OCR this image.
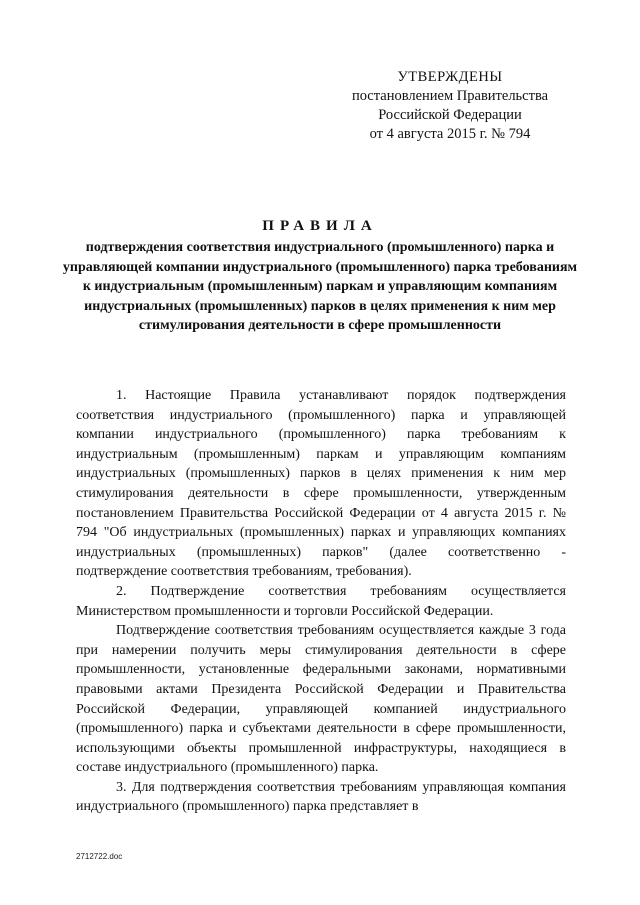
УТВЕРЖДЕНЫ
постановлением Правительства
Российской Федерации
от 4 августа 2015 г. № 794
ПРАВИЛА
подтверждения соответствия индустриального (промышленного) парка и управляющей компании индустриального (промышленного) парка требованиям к индустриальным (промышленным) паркам и управляющим компаниям индустриальных (промышленных) парков в целях применения к ним мер стимулирования деятельности в сфере промышленности

1. Настоящие Правила устанавливают порядок подтверждения соответствия индустриального (промышленного) парка и управляющей компании индустриального (промышленного) парка требованиям к индустриальным (промышленным) паркам и управляющим компаниям индустриальных (промышленных) парков в целях применения к ним мер стимулирования деятельности в сфере промышленности, утвержденным постановлением Правительства Российской Федерации от 4 августа 2015 г. № 794 "Об индустриальных (промышленных) парках и управляющих компаниях индустриальных (промышленных) парков" (далее соответственно - подтверждение соответствия требованиям, требования).

2. Подтверждение соответствия требованиям осуществляется Министерством промышленности и торговли Российской Федерации.

Подтверждение соответствия требованиям осуществляется каждые 3 года при намерении получить меры стимулирования деятельности в сфере промышленности, установленные федеральными законами, нормативными правовыми актами Президента Российской Федерации и Правительства Российской Федерации, управляющей компанией индустриального (промышленного) парка и субъектами деятельности в сфере промышленности, использующими объекты промышленной инфраструктуры, находящиеся в составе индустриального (промышленного) парка.

3. Для подтверждения соответствия требованиям управляющая компания индустриального (промышленного) парка представляет в

2712722.doc
